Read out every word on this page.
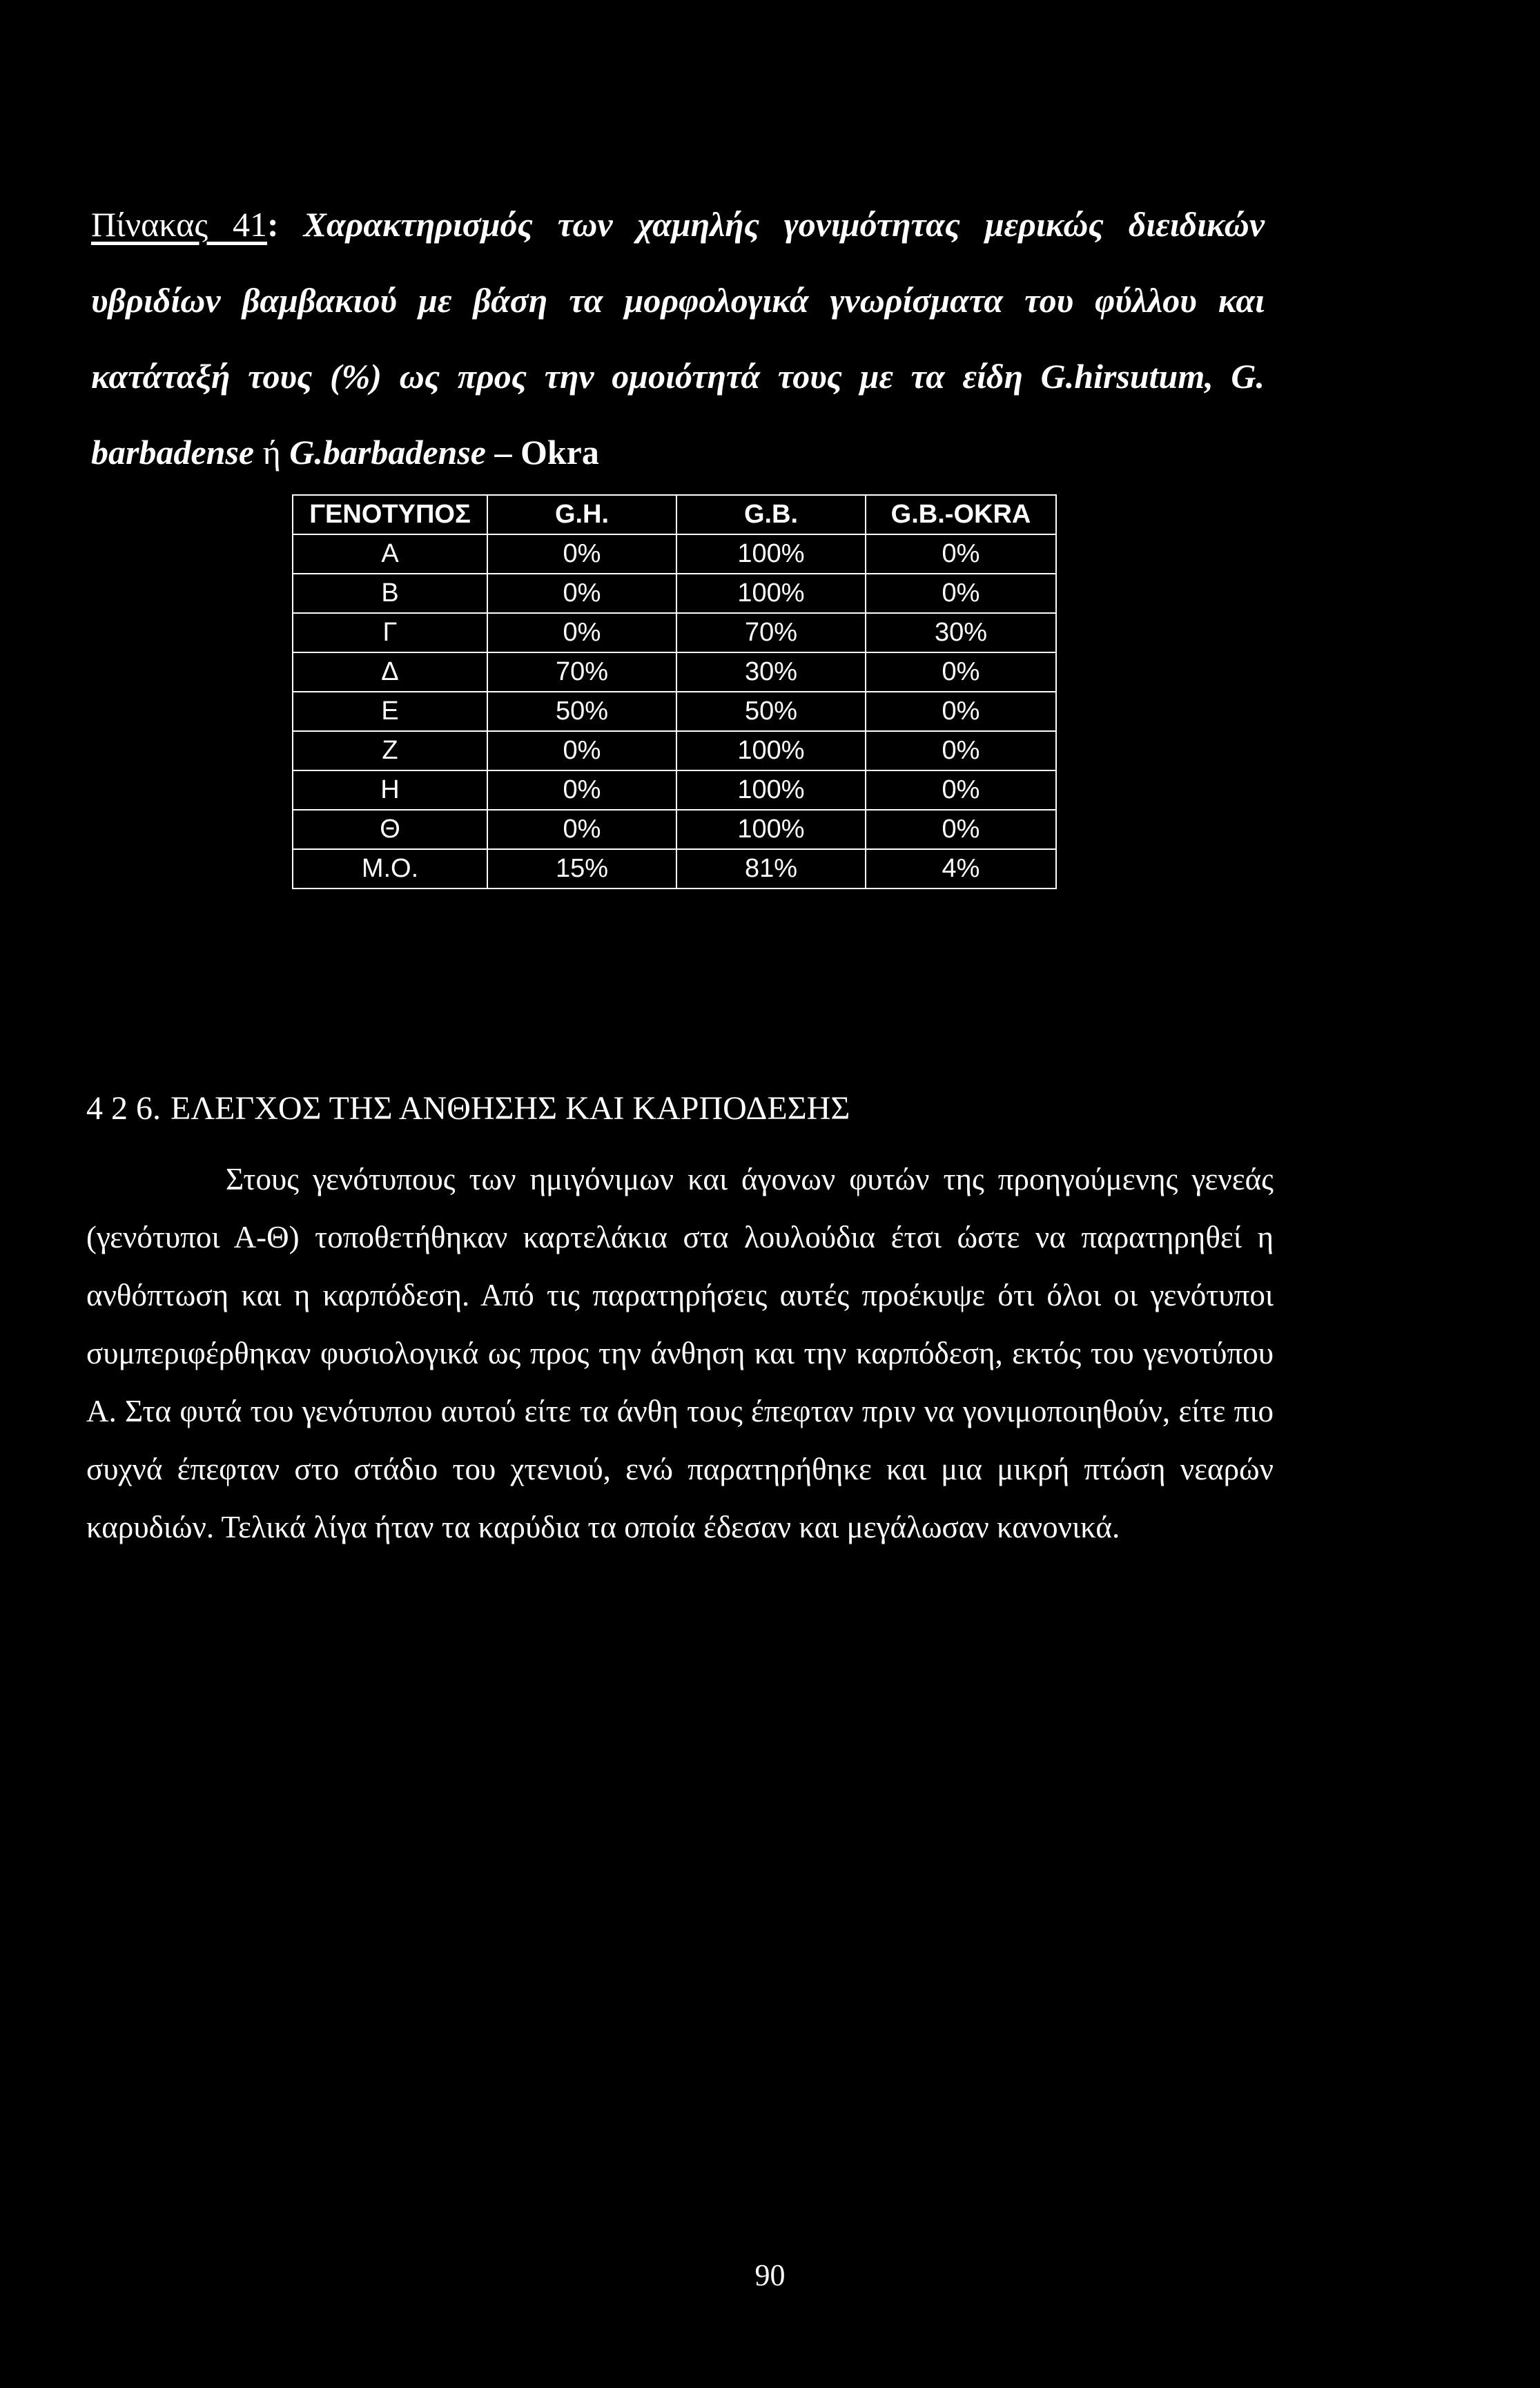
Πίνακας 41: Χαρακτηρισμός των χαμηλής γονιμότητας μερικώς διειδικών υβριδίων βαμβακιού με βάση τα μορφολογικά γνωρίσματα του φύλλου και κατάταξή τους (%) ως προς την ομοιότητά τους με τα είδη G.hirsutum, G. barbadense ή G.barbadense – Okra
ΓΕΝΟΤΥΠΟΣ	G.H.	G.B.	G.B.-OKRA
Α	0%	100%	0%
Β	0%	100%	0%
Γ	0%	70%	30%
Δ	70%	30%	0%
Ε	50%	50%	0%
Ζ	0%	100%	0%
Η	0%	100%	0%
Θ	0%	100%	0%
Μ.Ο.	15%	81%	4%
4 2 6. ΕΛΕΓΧΟΣ ΤΗΣ ΑΝΘΗΣΗΣ ΚΑΙ ΚΑΡΠΟΔΕΣΗΣ
Στους γενότυπους των ημιγόνιμων και άγονων φυτών της προηγούμενης γενεάς (γενότυποι Α-Θ) τοποθετήθηκαν καρτελάκια στα λουλούδια έτσι ώστε να παρατηρηθεί η ανθόπτωση και η καρπόδεση. Από τις παρατηρήσεις αυτές προέκυψε ότι όλοι οι γενότυποι συμπεριφέρθηκαν φυσιολογικά ως προς την άνθηση και την καρπόδεση, εκτός του γενοτύπου Α. Στα φυτά του γενότυπου αυτού είτε τα άνθη τους έπεφταν πριν να γονιμοποιηθούν, είτε πιο συχνά έπεφταν στο στάδιο του χτενιού, ενώ παρατηρήθηκε και μια μικρή πτώση νεαρών καρυδιών. Τελικά λίγα ήταν τα καρύδια τα οποία έδεσαν και μεγάλωσαν κανονικά.
90
